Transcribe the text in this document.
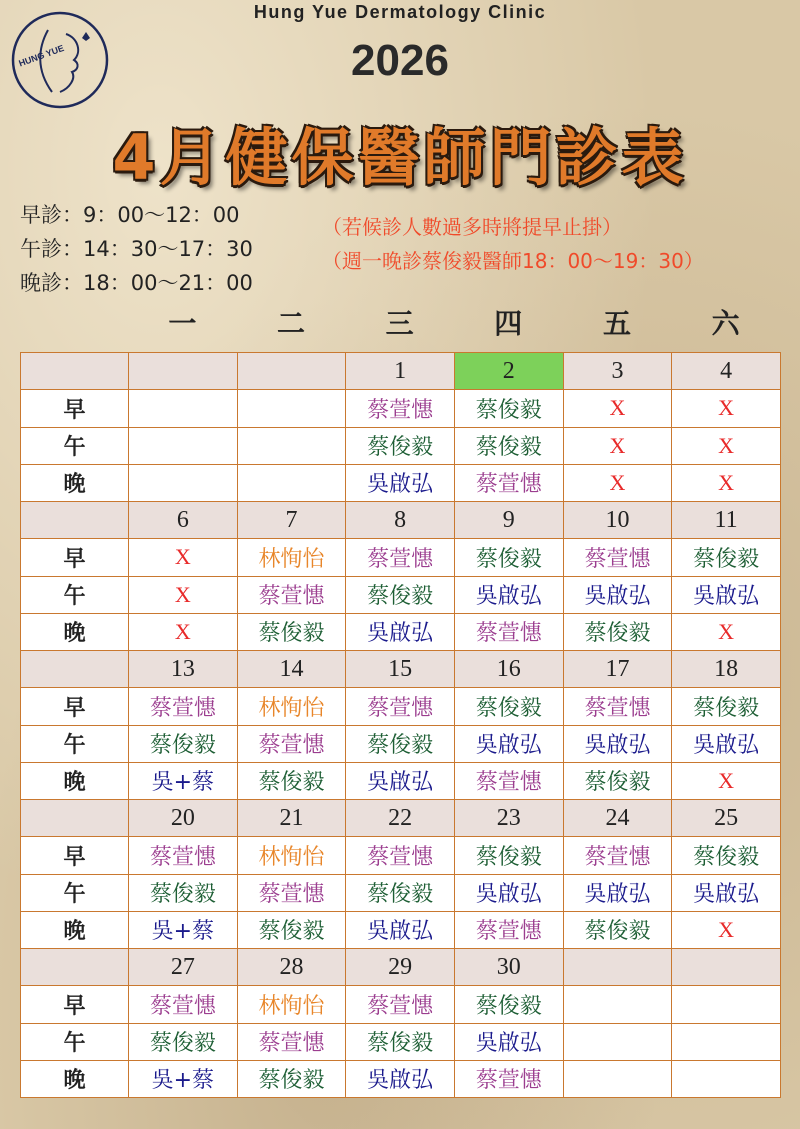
HUNG YUE
Hung Yue Dermatology Clinic
2026
4月健保醫師門診表
早診：9：00～12：00
午診：14：30～17：30
晚診：18：00～21：00
（若候診人數過多時將提早止掛）
（週一晚診蔡俊毅醫師18：00～19：30）
一	二	三	四	五	六
			1	2	3	4
早			蔡萱憓	蔡俊毅	X	X
午			蔡俊毅	蔡俊毅	X	X
晚			吳啟弘	蔡萱憓	X	X
	6	7	8	9	10	11
早	X	林恂怡	蔡萱憓	蔡俊毅	蔡萱憓	蔡俊毅
午	X	蔡萱憓	蔡俊毅	吳啟弘	吳啟弘	吳啟弘
晚	X	蔡俊毅	吳啟弘	蔡萱憓	蔡俊毅	X
	13	14	15	16	17	18
早	蔡萱憓	林恂怡	蔡萱憓	蔡俊毅	蔡萱憓	蔡俊毅
午	蔡俊毅	蔡萱憓	蔡俊毅	吳啟弘	吳啟弘	吳啟弘
晚	吳+蔡	蔡俊毅	吳啟弘	蔡萱憓	蔡俊毅	X
	20	21	22	23	24	25
早	蔡萱憓	林恂怡	蔡萱憓	蔡俊毅	蔡萱憓	蔡俊毅
午	蔡俊毅	蔡萱憓	蔡俊毅	吳啟弘	吳啟弘	吳啟弘
晚	吳+蔡	蔡俊毅	吳啟弘	蔡萱憓	蔡俊毅	X
	27	28	29	30		
早	蔡萱憓	林恂怡	蔡萱憓	蔡俊毅		
午	蔡俊毅	蔡萱憓	蔡俊毅	吳啟弘		
晚	吳+蔡	蔡俊毅	吳啟弘	蔡萱憓		
